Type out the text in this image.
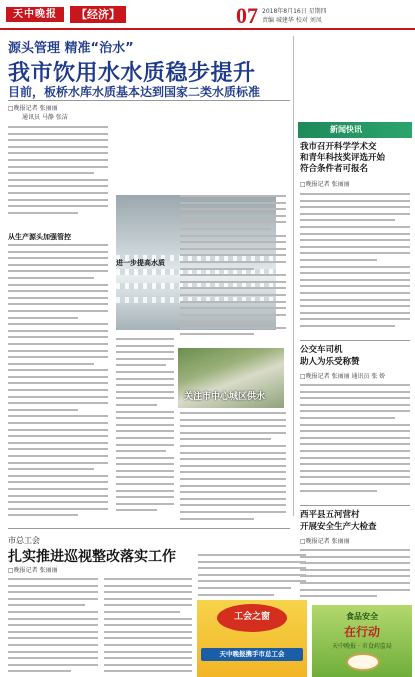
天中晚报	【经济】	07 2018年8月16日 星期四
责编 城建华 校对 刘凤
源头管理 精准“治水”
我市饮用水水质稳步提升
目前，板桥水库水质基本达到国家二类水质标准
□晚报记者 张丽丽
通讯员 马静 张洁
从生产源头加强管控
关注市中心城区供水
新闻快讯
我市召开科学学术交
和青年科技奖评选开始
符合条件者可报名
□晚报记者 张丽丽
公交车司机
助人为乐受称赞
□晚报记者 张丽丽 通讯员 张 娇
西平县五河营村
开展安全生产大检查
□晚报记者 张丽丽
市总工会
扎实推进巡视整改落实工作
□晚报记者 张丽丽
工会之窗
天中晚报携手市总工会
食品安全
在行动
天中晚报 · 市食药监局
进一步提高水质
